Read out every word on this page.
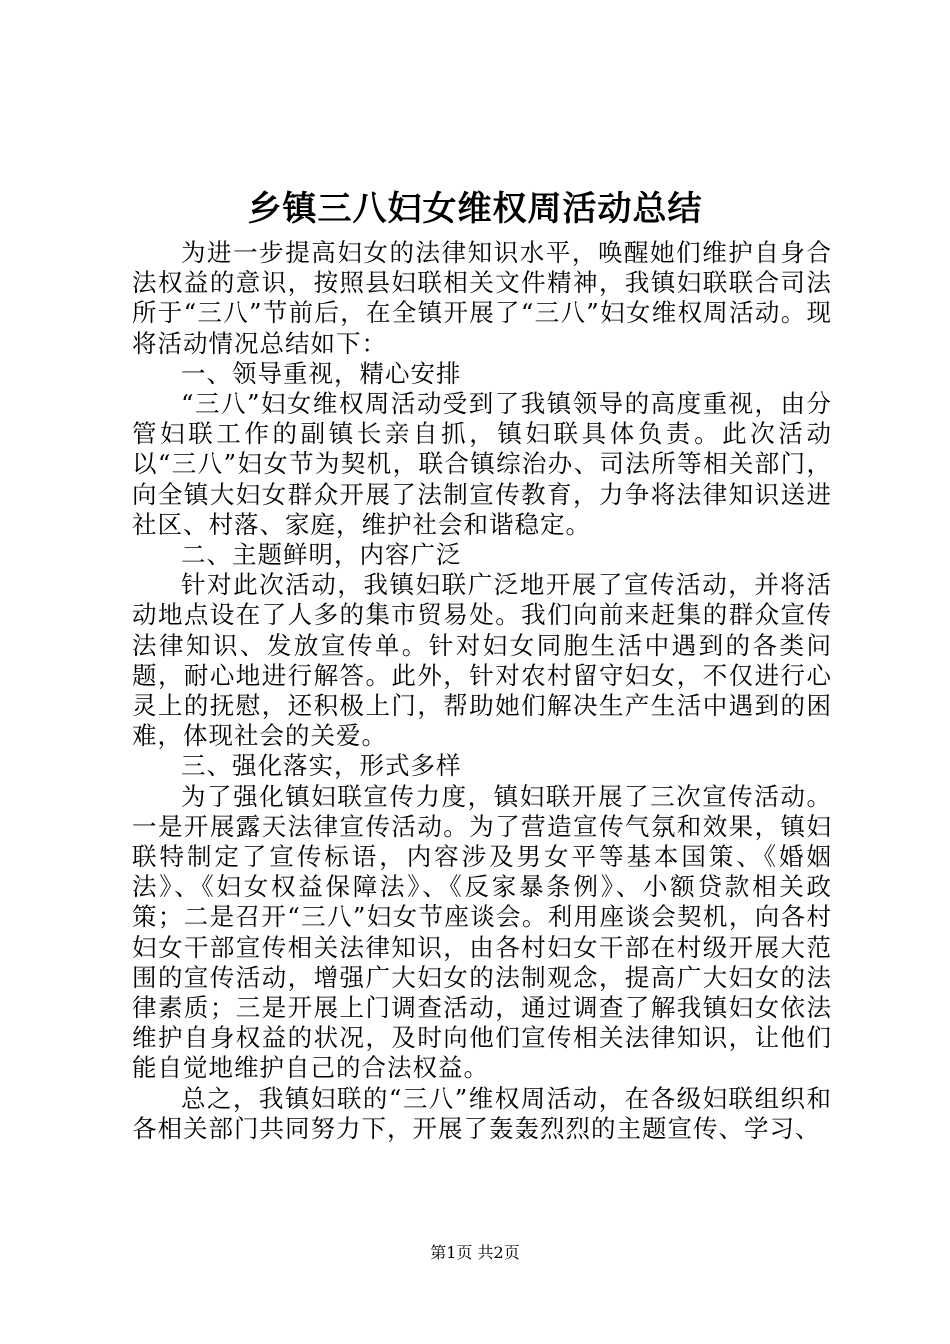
乡镇三八妇女维权周活动总结

为进一步提高妇女的法律知识水平，唤醒她们维护自身合法权益的意识，按照县妇联相关文件精神，我镇妇联联合司法所于“三八”节前后，在全镇开展了“三八”妇女维权周活动。现将活动情况总结如下：

一、领导重视，精心安排

“三八”妇女维权周活动受到了我镇领导的高度重视，由分管妇联工作的副镇长亲自抓，镇妇联具体负责。此次活动以“三八”妇女节为契机，联合镇综治办、司法所等相关部门，向全镇大妇女群众开展了法制宣传教育，力争将法律知识送进社区、村落、家庭，维护社会和谐稳定。

二、主题鲜明，内容广泛

针对此次活动，我镇妇联广泛地开展了宣传活动，并将活动地点设在了人多的集市贸易处。我们向前来赶集的群众宣传法律知识、发放宣传单。针对妇女同胞生活中遇到的各类问题，耐心地进行解答。此外，针对农村留守妇女，不仅进行心灵上的抚慰，还积极上门，帮助她们解决生产生活中遇到的困难，体现社会的关爱。

三、强化落实，形式多样

为了强化镇妇联宣传力度，镇妇联开展了三次宣传活动。一是开展露天法律宣传活动。为了营造宣传气氛和效果，镇妇联特制定了宣传标语，内容涉及男女平等基本国策、《婚姻法》、《妇女权益保障法》、《反家暴条例》、小额贷款相关政策；二是召开“三八”妇女节座谈会。利用座谈会契机，向各村妇女干部宣传相关法律知识，由各村妇女干部在村级开展大范围的宣传活动，增强广大妇女的法制观念，提高广大妇女的法律素质；三是开展上门调查活动，通过调查了解我镇妇女依法维护自身权益的状况，及时向他们宣传相关法律知识，让他们能自觉地维护自己的合法权益。

总之，我镇妇联的“三八”维权周活动，在各级妇联组织和各相关部门共同努力下，开展了轰轰烈烈的主题宣传、学习、

第1页 共2页
